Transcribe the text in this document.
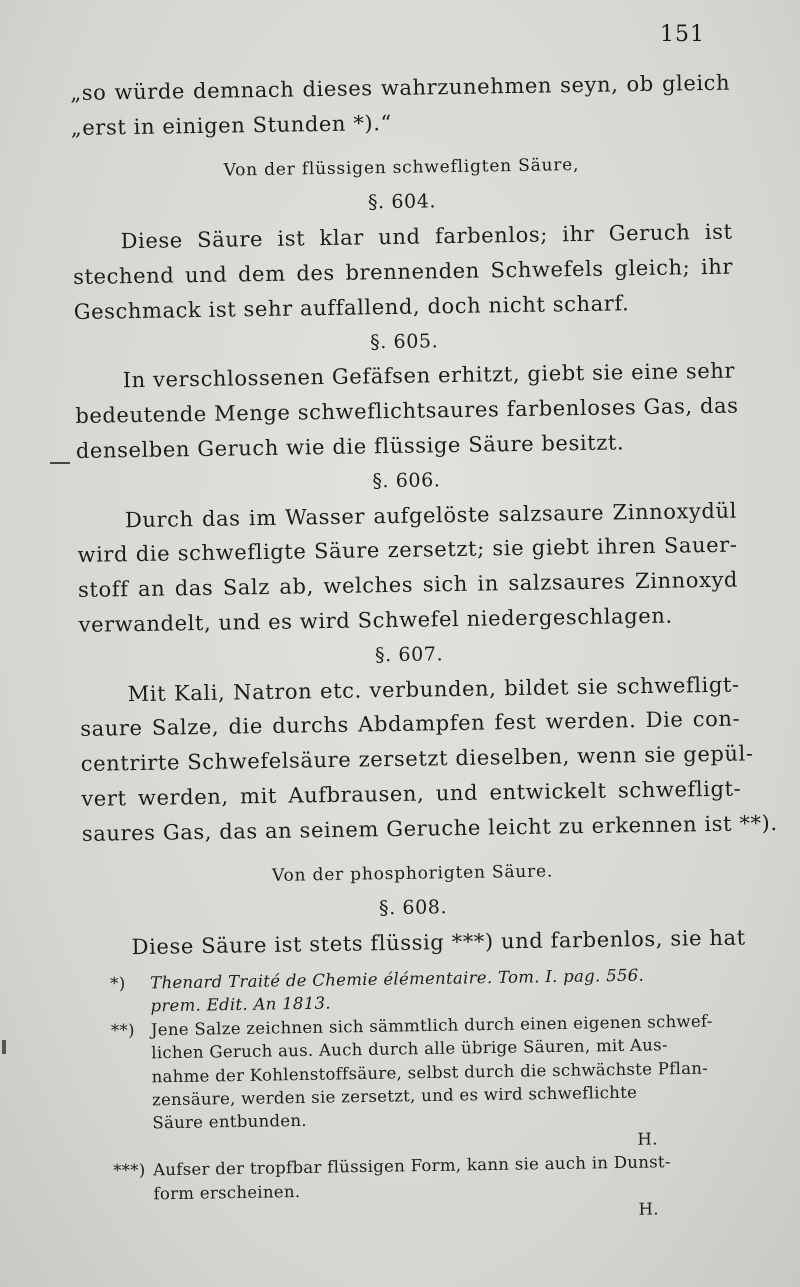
151
„so würde demnach dieses wahrzunehmen seyn, ob gleich
„erst in einigen Stunden *).“
Von der flüssigen schwefligten Säure,
§. 604.
Diese Säure ist klar und farbenlos; ihr Geruch ist
stechend und dem des brennenden Schwefels gleich; ihr
Geschmack ist sehr auffallend, doch nicht scharf.
§. 605.
In verschlossenen Gefäfsen erhitzt, giebt sie eine sehr
bedeutende Menge schweflichtsaures farbenloses Gas, das
denselben Geruch wie die flüssige Säure besitzt.
§. 606.
Durch das im Wasser aufgelöste salzsaure Zinnoxydül
wird die schwefligte Säure zersetzt; sie giebt ihren Sauer-
stoff an das Salz ab, welches sich in salzsaures Zinnoxyd
verwandelt, und es wird Schwefel niedergeschlagen.
§. 607.
Mit Kali, Natron etc. verbunden, bildet sie schwefligt-
saure Salze, die durchs Abdampfen fest werden. Die con-
centrirte Schwefelsäure zersetzt dieselben, wenn sie gepül-
vert werden, mit Aufbrausen, und entwickelt schwefligt-
saures Gas, das an seinem Geruche leicht zu erkennen ist **).
Von der phosphorigten Säure.
§. 608.
Diese Säure ist stets flüssig ***) und farbenlos, sie hat
*)	Thenard Traité de Chemie élémentaire. Tom. I. pag. 556.
prem. Edit. An 1813.
**) Jene Salze zeichnen sich sämmtlich durch einen eigenen schwef-
lichen Geruch aus. Auch durch alle übrige Säuren, mit Aus-
nahme der Kohlenstoffsäure, selbst durch die schwächste Pflan-
zensäure, werden sie zersetzt, und es wird schweflichte
Säure entbunden.
H.
***) Aufser der tropfbar flüssigen Form, kann sie auch in Dunst-
form erscheinen.
H.
